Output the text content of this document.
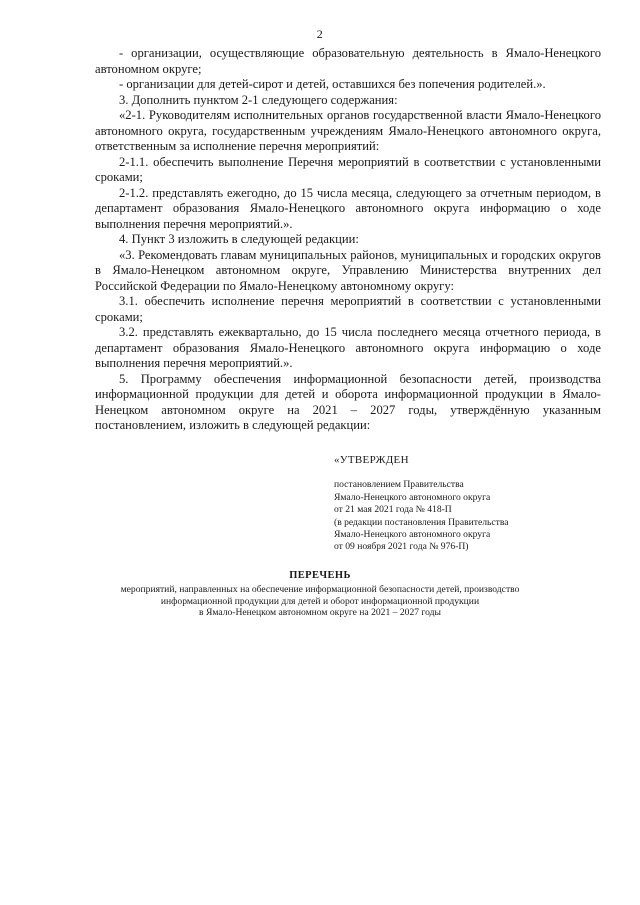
2

- организации, осуществляющие образовательную деятельность в Ямало-Ненецкого автономном округе;

- организации для детей-сирот и детей, оставшихся без попечения родителей.».

3. Дополнить пунктом 2-1 следующего содержания:

«2-1. Руководителям исполнительных органов государственной власти Ямало-Ненецкого автономного округа, государственным учреждениям Ямало-Ненецкого автономного округа, ответственным за исполнение перечня мероприятий:

2-1.1. обеспечить выполнение Перечня мероприятий в соответствии с установленными сроками;

2-1.2. представлять ежегодно, до 15 числа месяца, следующего за отчетным периодом, в департамент образования Ямало-Ненецкого автономного округа информацию о ходе выполнения перечня мероприятий.».

4. Пункт 3 изложить в следующей редакции:

«3. Рекомендовать главам муниципальных районов, муниципальных и городских округов в Ямало-Ненецком автономном округе, Управлению Министерства внутренних дел Российской Федерации по Ямало-Ненецкому автономному округу:

3.1. обеспечить исполнение перечня мероприятий в соответствии с установленными сроками;

3.2. представлять ежеквартально, до 15 числа последнего месяца отчетного периода, в департамент образования Ямало-Ненецкого автономного округа информацию о ходе выполнения перечня мероприятий.».

5. Программу обеспечения информационной безопасности детей, производства информационной продукции для детей и оборота информационной продукции в Ямало-Ненецком автономном округе на 2021 – 2027 годы, утверждённую указанным постановлением, изложить в следующей редакции:

«УТВЕРЖДЕН
постановлением Правительства
Ямало-Ненецкого автономного округа
от 21 мая 2021 года № 418-П
(в редакции постановления Правительства
Ямало-Ненецкого автономного округа
от 09 ноября 2021 года № 976-П)
ПЕРЕЧЕНЬ
мероприятий, направленных на обеспечение информационной безопасности детей, производство
информационной продукции для детей и оборот информационной продукции
в Ямало-Ненецком автономном округе на 2021 – 2027 годы
